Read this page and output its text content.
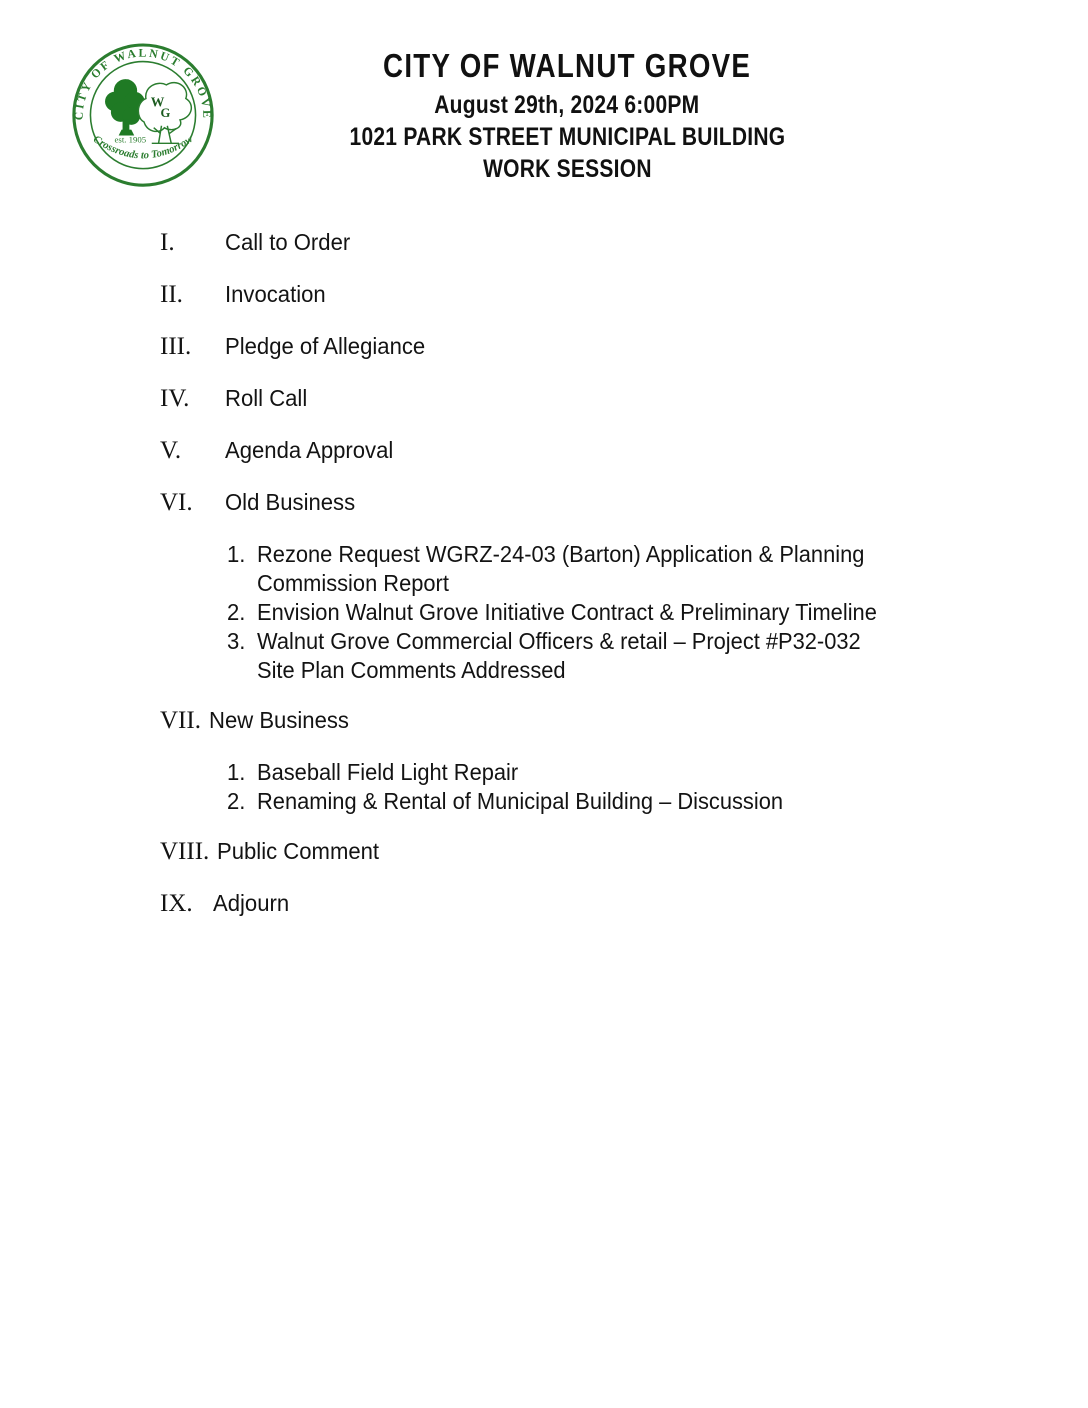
CITY OF WALNUT GROVE
W
G
est. 1905
Crossroads to Tomorrow
CITY OF WALNUT GROVE
August 29th, 2024 6:00PM
1021 PARK STREET MUNICIPAL BUILDING
WORK SESSION
I.	Call to Order
II.	Invocation
III.	Pledge of Allegiance
IV.	Roll Call
V.	Agenda Approval
VI.	Old Business
1. Rezone Request WGRZ-24-03 (Barton) Application & Planning
Commission Report
2. Envision Walnut Grove Initiative Contract & Preliminary Timeline
3. Walnut Grove Commercial Officers & retail – Project #P32-032
Site Plan Comments Addressed
VII. New Business
1. Baseball Field Light Repair
2. Renaming & Rental of Municipal Building – Discussion
VIII. Public Comment
IX. Adjourn
